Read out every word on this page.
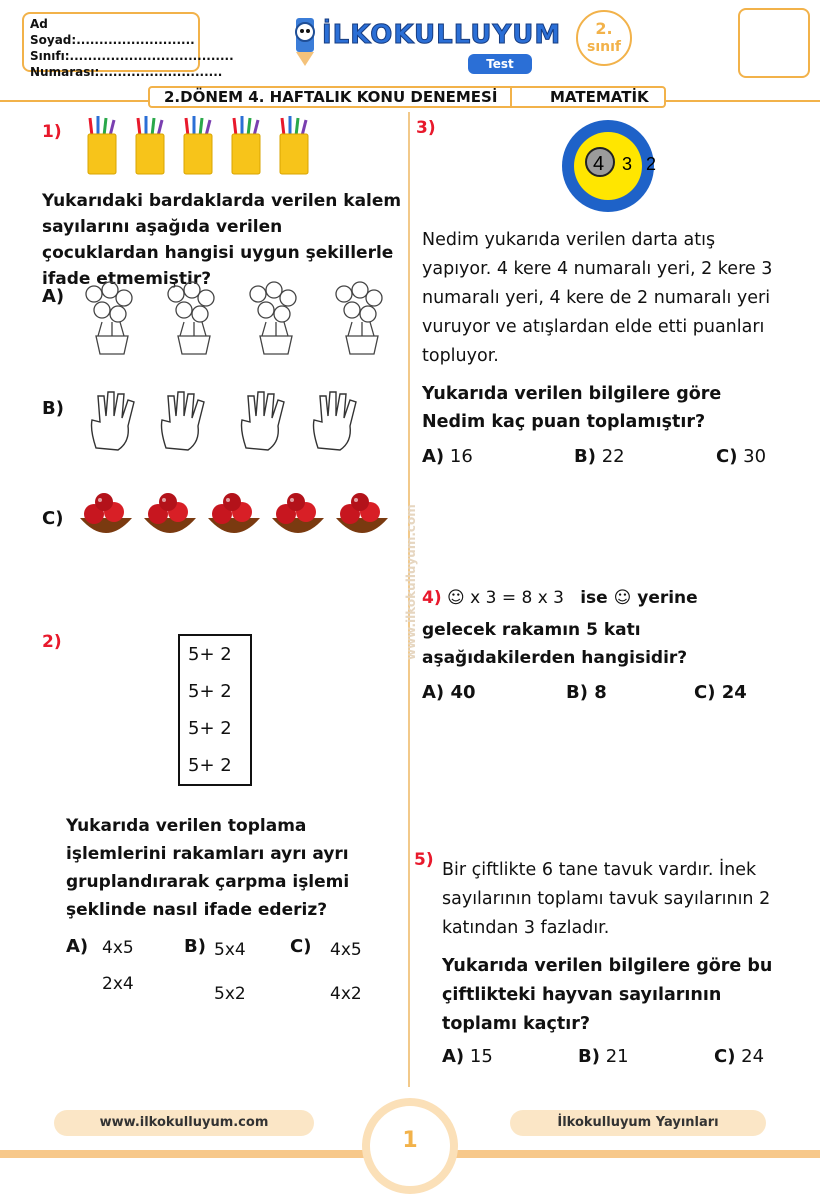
Ad Soyad:..........................
Sınıfı:....................................
Numarası:...........................
İLKOKULLUYUM
Test
2.
sınıf
2.DÖNEM 4. HAFTALIK KONU DENEMESİ	MATEMATİK
www.ilkokulluyum.com
1)
Yukarıdaki bardaklarda verilen kalem sayılarını aşağıda verilen çocuklardan hangisi uygun şekillerle ifade etmemiştir?
A)
B)
C)
2)
5+ 2
5+ 2
5+ 2
5+ 2
Yukarıda verilen toplama işlemlerini rakamları ayrı ayrı gruplandırarak çarpma işlemi şeklinde nasıl ifade ederiz?
A) 4x5
2x4
B) 5x4
5x2
C) 4x5
4x2
3)
4 3 2
Nedim yukarıda verilen darta atış yapıyor. 4 kere 4 numaralı yeri, 2 kere 3 numaralı yeri, 4 kere de 2 numaralı yeri vuruyor ve atışlardan elde etti puanları topluyor.
Yukarıda verilen bilgilere göre Nedim kaç puan toplamıştır?
A) 16	B) 22	C) 30
4) ☺ x 3 = 8 x 3 ise ☺ yerine
gelecek rakamın 5 katı aşağıdakilerden hangisidir?
A) 40	B) 8	C) 24
5) Bir çiftlikte 6 tane tavuk vardır. İnek sayılarının toplamı tavuk sayılarının 2 katından 3 fazladır.
Yukarıda verilen bilgilere göre bu çiftlikteki hayvan sayılarının toplamı kaçtır?
A) 15	B) 21	C) 24
www.ilkokulluyum.com	İlkokulluyum Yayınları
1
